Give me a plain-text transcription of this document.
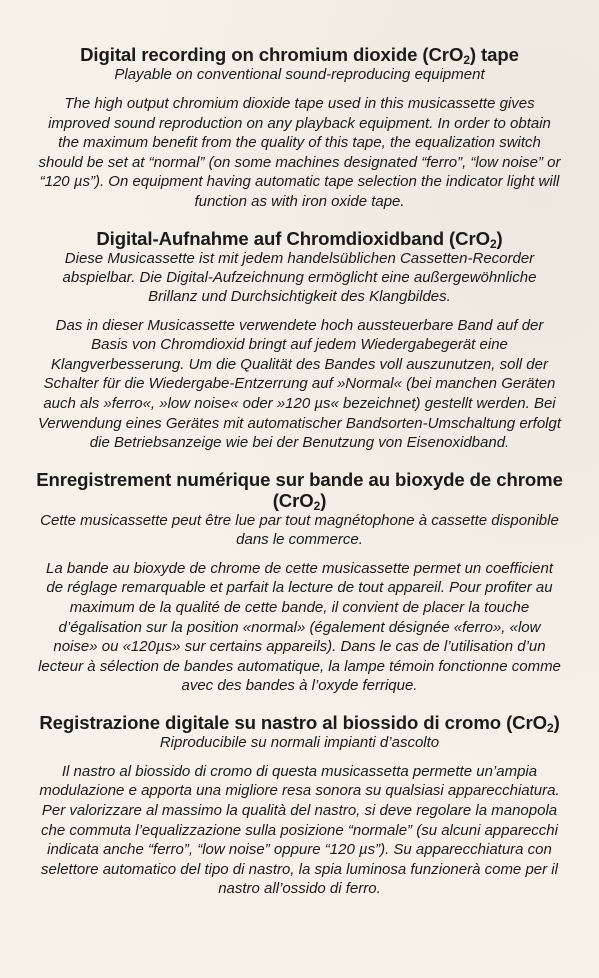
Digital recording on chromium dioxide (CrO$_2$) tape

Playable on conventional sound-reproducing equipment

The high output chromium dioxide tape used in this musicassette gives improved sound reproduction on any playback equipment. In order to obtain the maximum benefit from the quality of this tape, the equalization switch should be set at “normal” (on some machines designated “ferro”, “low noise” or “120 µs”). On equipment having automatic tape selection the indicator light will function as with iron oxide tape.

Digital-Aufnahme auf Chromdioxidband (CrO$_2$)

Diese Musicassette ist mit jedem handelsüblichen Cassetten-Recorder abspielbar. Die Digital-Aufzeichnung ermöglicht eine außergewöhnliche Brillanz und Durchsichtigkeit des Klangbildes.

Das in dieser Musicassette verwendete hoch aussteuerbare Band auf der Basis von Chromdioxid bringt auf jedem Wiedergabegerät eine Klangverbesserung. Um die Qualität des Bandes voll auszunutzen, soll der Schalter für die Wiedergabe-Entzerrung auf »Normal« (bei manchen Geräten auch als »ferro«, »low noise« oder »120 µs« bezeichnet) gestellt werden. Bei Verwendung eines Gerätes mit automatischer Bandsorten-Umschaltung erfolgt die Betriebsanzeige wie bei der Benutzung von Eisenoxidband.

Enregistrement numérique sur bande au bioxyde de chrome (CrO$_2$)

Cette musicassette peut être lue par tout magnétophone à cassette disponible dans le commerce.

La bande au bioxyde de chrome de cette musicassette permet un coefficient de réglage remarquable et parfait la lecture de tout appareil. Pour profiter au maximum de la qualité de cette bande, il convient de placer la touche d’égalisation sur la position «normal» (également désignée «ferro», «low noise» ou «120µs» sur certains appareils). Dans le cas de l’utilisation d’un lecteur à sélection de bandes automatique, la lampe témoin fonctionne comme avec des bandes à l’oxyde ferrique.

Registrazione digitale su nastro al biossido di cromo (CrO$_2$)

Riproducibile su normali impianti d’ascolto

Il nastro al biossido di cromo di questa musicassetta permette un’ampia modulazione e apporta una migliore resa sonora su qualsiasi apparecchiatura. Per valorizzare al massimo la qualità del nastro, si deve regolare la manopola che commuta l’equalizzazione sulla posizione “normale” (su alcuni apparecchi indicata anche “ferro”, “low noise” oppure “120 µs”). Su apparecchiatura con selettore automatico del tipo di nastro, la spia luminosa funzionerà come per il nastro all’ossido di ferro.
